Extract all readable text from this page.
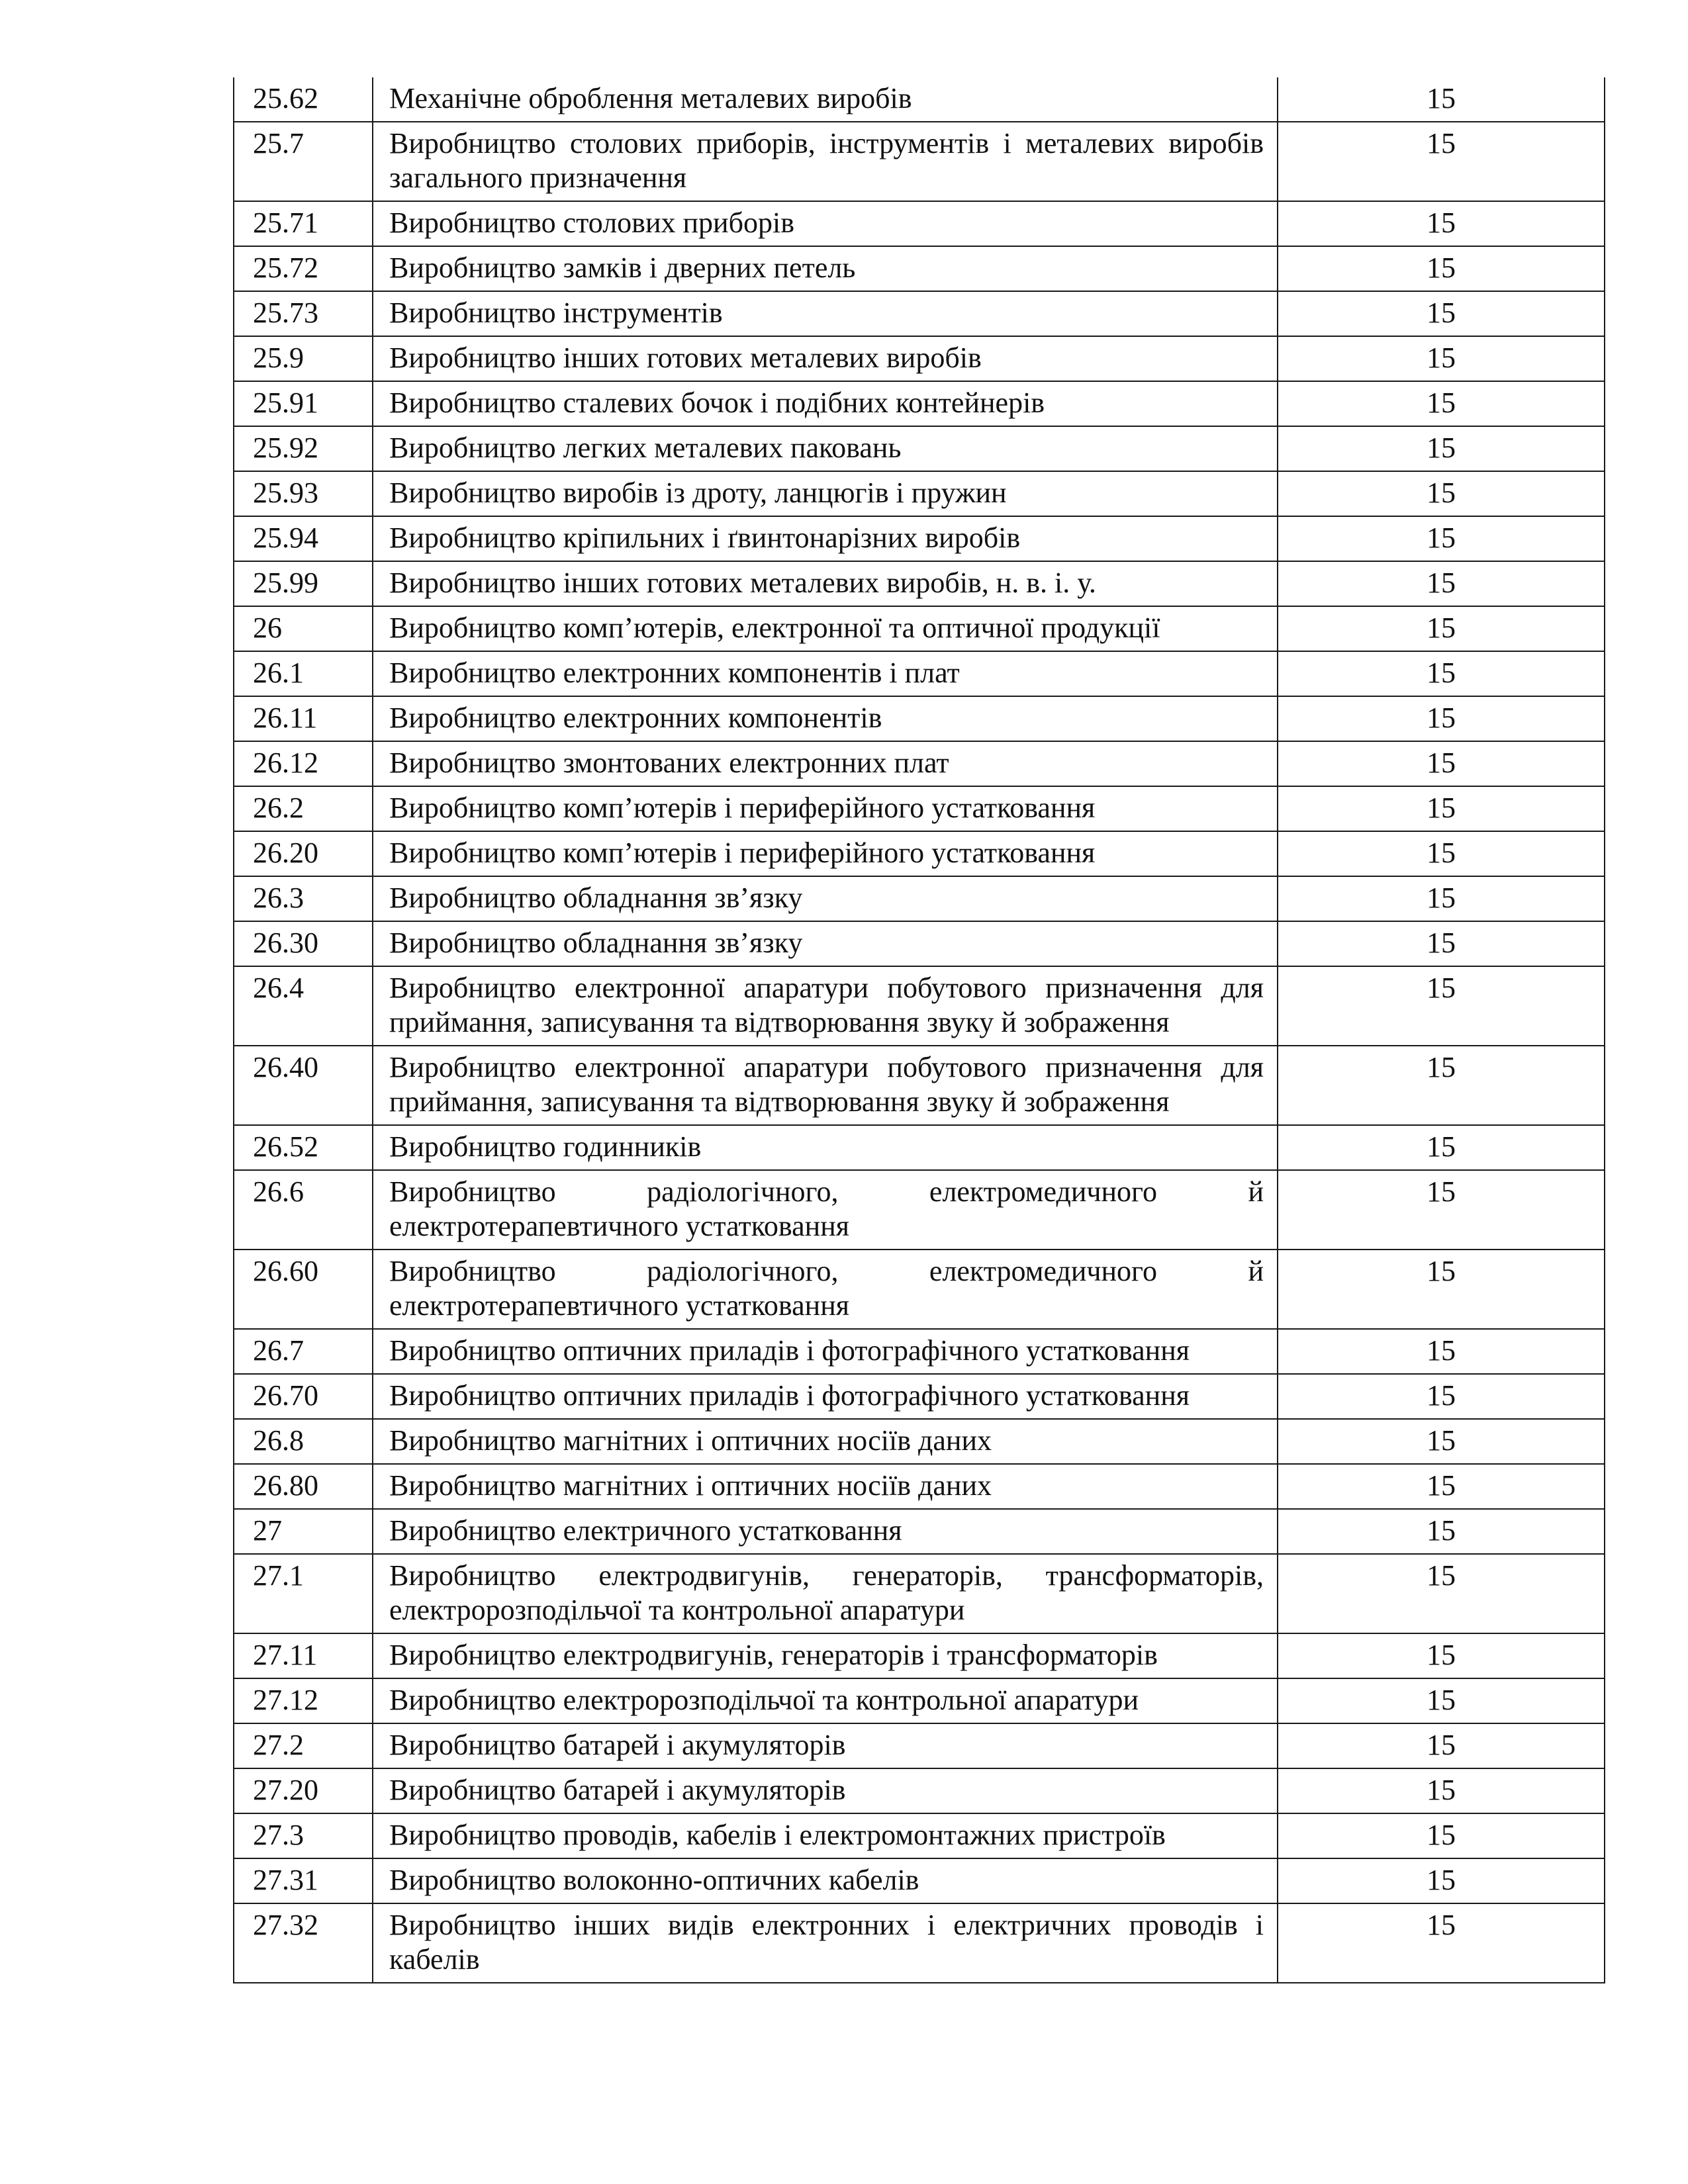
25.62	Механічне оброблення металевих виробів	15
25.7	Виробництво столових приборів, інструментів і металевих виробів загального призначення	15
25.71	Виробництво столових приборів	15
25.72	Виробництво замків і дверних петель	15
25.73	Виробництво інструментів	15
25.9	Виробництво інших готових металевих виробів	15
25.91	Виробництво сталевих бочок і подібних контейнерів	15
25.92	Виробництво легких металевих паковань	15
25.93	Виробництво виробів із дроту, ланцюгів і пружин	15
25.94	Виробництво кріпильних і ґвинтонарізних виробів	15
25.99	Виробництво інших готових металевих виробів, н. в. і. у.	15
26	Виробництво комп’ютерів, електронної та оптичної продукції	15
26.1	Виробництво електронних компонентів і плат	15
26.11	Виробництво електронних компонентів	15
26.12	Виробництво змонтованих електронних плат	15
26.2	Виробництво комп’ютерів і периферійного устатковання	15
26.20	Виробництво комп’ютерів і периферійного устатковання	15
26.3	Виробництво обладнання зв’язку	15
26.30	Виробництво обладнання зв’язку	15
26.4	Виробництво електронної апаратури побутового призначення для приймання, записування та відтворювання звуку й зображення	15
26.40	Виробництво електронної апаратури побутового призначення для приймання, записування та відтворювання звуку й зображення	15
26.52	Виробництво годинників	15
26.6	Виробництво радіологічного, електромедичного й електротерапевтичного устатковання	15
26.60	Виробництво радіологічного, електромедичного й електротерапевтичного устатковання	15
26.7	Виробництво оптичних приладів і фотографічного устатковання	15
26.70	Виробництво оптичних приладів і фотографічного устатковання	15
26.8	Виробництво магнітних і оптичних носіїв даних	15
26.80	Виробництво магнітних і оптичних носіїв даних	15
27	Виробництво електричного устатковання	15
27.1	Виробництво електродвигунів, генераторів, трансформаторів, електророзподільчої та контрольної апаратури	15
27.11	Виробництво електродвигунів, генераторів і трансформаторів	15
27.12	Виробництво електророзподільчої та контрольної апаратури	15
27.2	Виробництво батарей і акумуляторів	15
27.20	Виробництво батарей і акумуляторів	15
27.3	Виробництво проводів, кабелів і електромонтажних пристроїв	15
27.31	Виробництво волоконно-оптичних кабелів	15
27.32	Виробництво інших видів електронних і електричних проводів і кабелів	15
